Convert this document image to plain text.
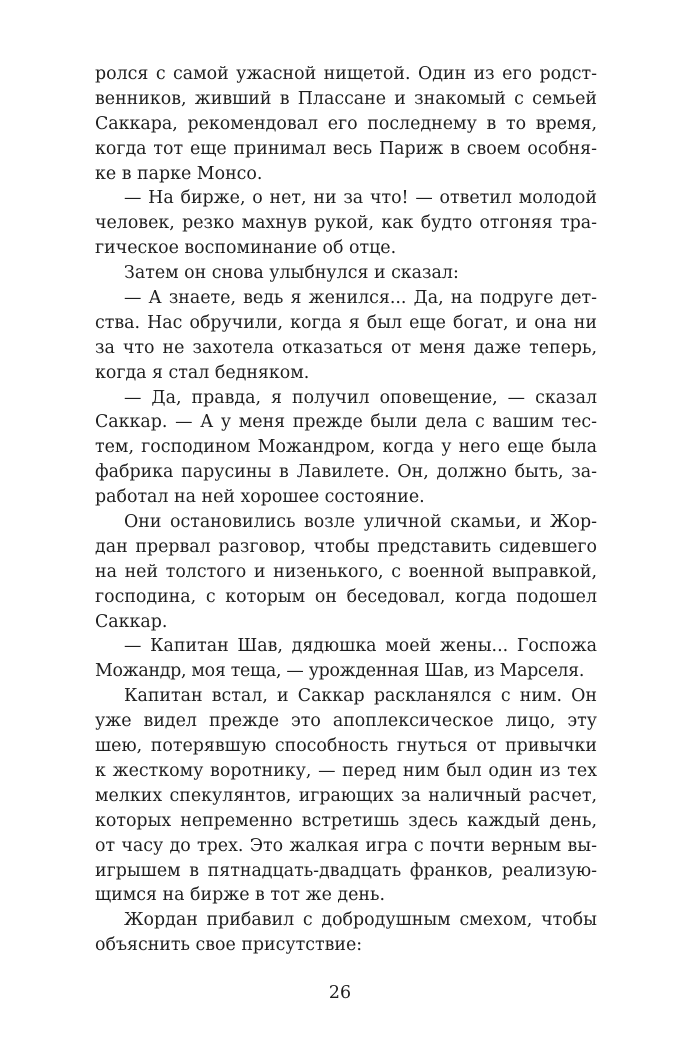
ролся с самой ужасной нищетой. Один из его родст-
венников, живший в Плассане и знакомый с семьей
Саккара, рекомендовал его последнему в то время,
когда тот еще принимал весь Париж в своем особня-
ке в парке Монсо.
— На бирже, о нет, ни за что! — ответил молодой
человек, резко махнув рукой, как будто отгоняя тра-
гическое воспоминание об отце.
Затем он снова улыбнулся и сказал:
— А знаете, ведь я женился... Да, на подруге дет-
ства. Нас обручили, когда я был еще богат, и она ни
за что не захотела отказаться от меня даже теперь,
когда я стал бедняком.
— Да, правда, я получил оповещение, — сказал
Саккар. — А у меня прежде были дела с вашим тес-
тем, господином Можандром, когда у него еще была
фабрика парусины в Лавилете. Он, должно быть, за-
работал на ней хорошее состояние.
Они остановились возле уличной скамьи, и Жор-
дан прервал разговор, чтобы представить сидевшего
на ней толстого и низенького, с военной выправкой,
господина, с которым он беседовал, когда подошел
Саккар.
— Капитан Шав, дядюшка моей жены... Госпожа
Можандр, моя теща, — урожденная Шав, из Марселя.
Капитан встал, и Саккар раскланялся с ним. Он
уже видел прежде это апоплексическое лицо, эту
шею, потерявшую способность гнуться от привычки
к жесткому воротнику, — перед ним был один из тех
мелких спекулянтов, играющих за наличный расчет,
которых непременно встретишь здесь каждый день,
от часу до трех. Это жалкая игра с почти верным вы-
игрышем в пятнадцать-двадцать франков, реализую-
щимся на бирже в тот же день.
Жордан прибавил с добродушным смехом, чтобы
объяснить свое присутствие:
26
